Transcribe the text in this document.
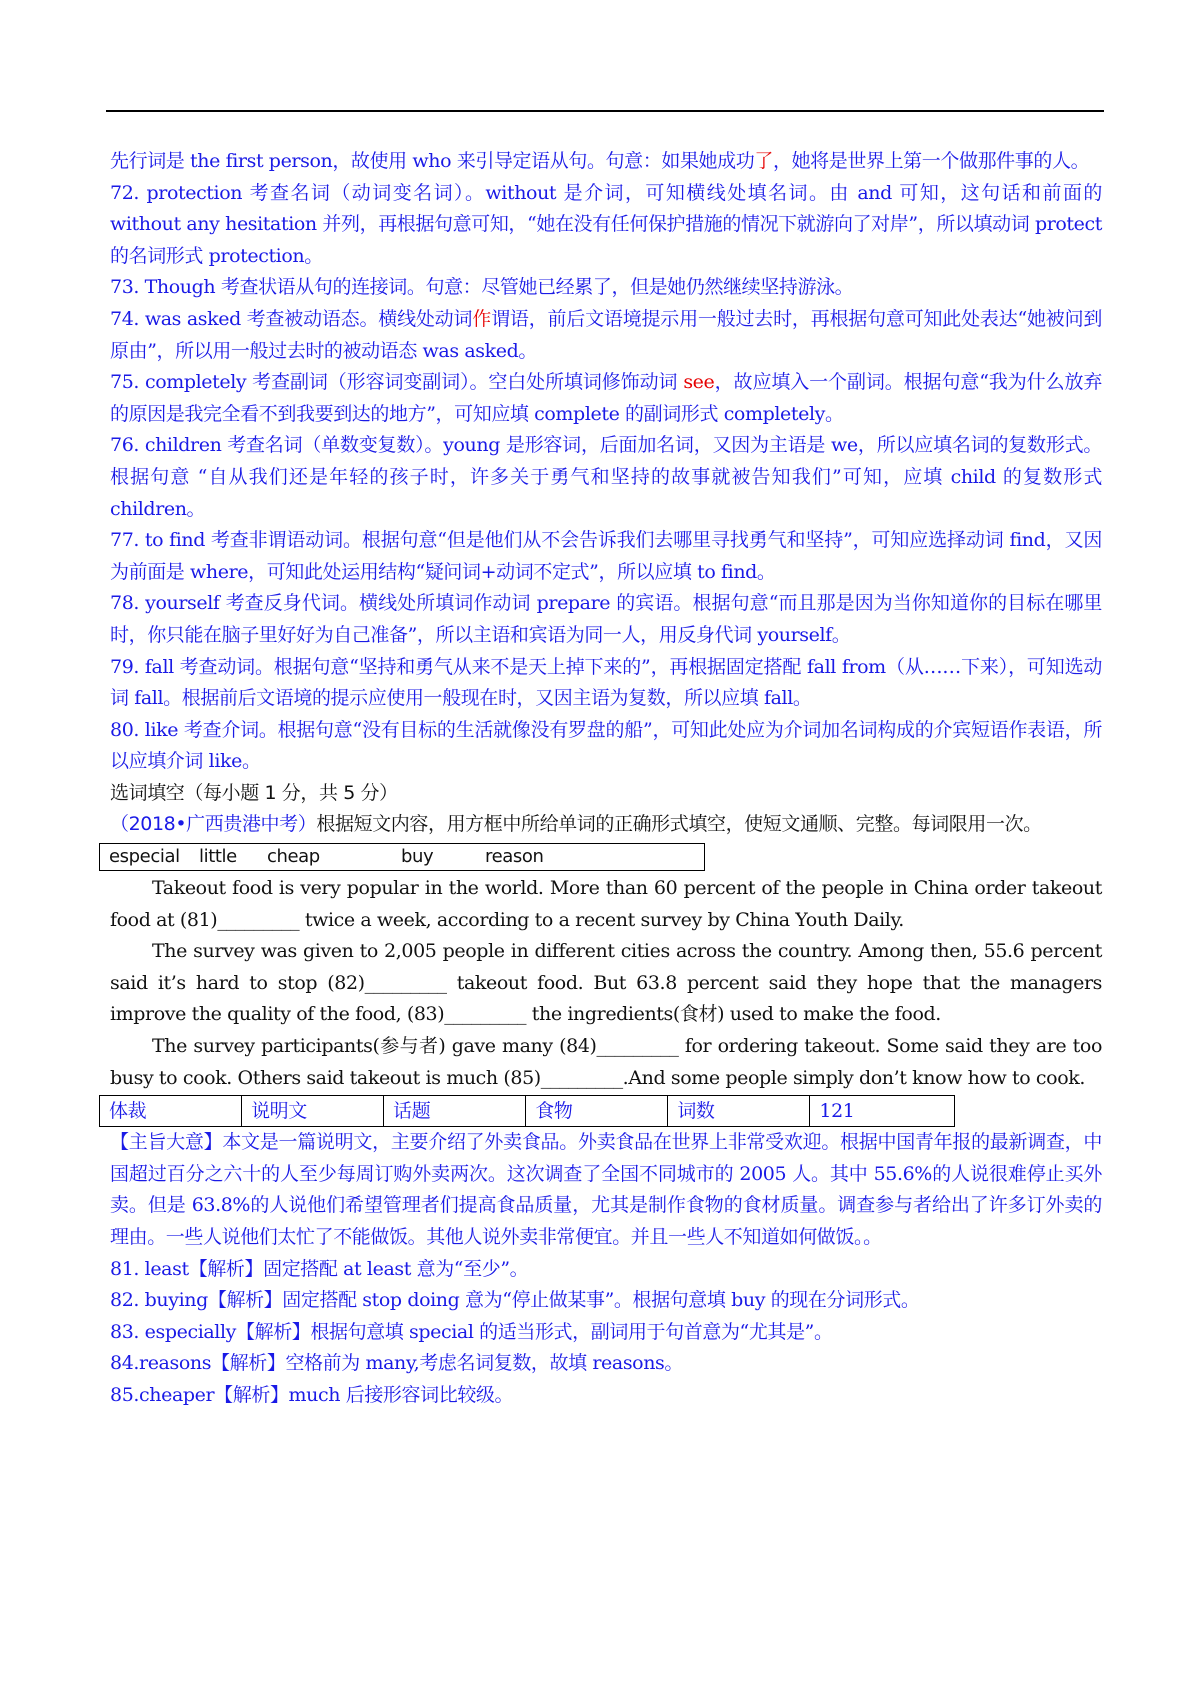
先行词是 the first person，故使用 who 来引导定语从句。句意：如果她成功了，她将是世界上第一个做那件事的人。

72. protection 考查名词（动词变名词）。without 是介词，可知横线处填名词。由 and 可知，这句话和前面的 without any hesitation 并列，再根据句意可知，“她在没有任何保护措施的情况下就游向了对岸”，所以填动词 protect 的名词形式 protection。

73. Though 考查状语从句的连接词。句意：尽管她已经累了，但是她仍然继续坚持游泳。

74. was asked 考查被动语态。横线处动词作谓语，前后文语境提示用一般过去时，再根据句意可知此处表达“她被问到原由”，所以用一般过去时的被动语态 was asked。

75. completely 考查副词（形容词变副词）。空白处所填词修饰动词 see，故应填入一个副词。根据句意“我为什么放弃的原因是我完全看不到我要到达的地方”，可知应填 complete 的副词形式 completely。

76. children 考查名词（单数变复数）。young 是形容词，后面加名词，又因为主语是 we，所以应填名词的复数形式。根据句意 “自从我们还是年轻的孩子时，许多关于勇气和坚持的故事就被告知我们”可知，应填 child 的复数形式 children。

77. to find 考查非谓语动词。根据句意“但是他们从不会告诉我们去哪里寻找勇气和坚持”，可知应选择动词 find，又因为前面是 where，可知此处运用结构“疑问词+动词不定式”，所以应填 to find。

78. yourself 考查反身代词。横线处所填词作动词 prepare 的宾语。根据句意“而且那是因为当你知道你的目标在哪里时，你只能在脑子里好好为自己准备”，所以主语和宾语为同一人，用反身代词 yourself。

79. fall 考查动词。根据句意“坚持和勇气从来不是天上掉下来的”，再根据固定搭配 fall from（从……下来），可知选动词 fall。根据前后文语境的提示应使用一般现在时，又因主语为复数，所以应填 fall。

80. like 考查介词。根据句意“没有目标的生活就像没有罗盘的船”，可知此处应为介词加名词构成的介宾短语作表语，所以应填介词 like。

选词填空（每小题 1 分，共 5 分）

（2018•广西贵港中考）根据短文内容，用方框中所给单词的正确形式填空，使短文通顺、完整。每词限用一次。

especial	little	cheap	buy	reason

Takeout food is very popular in the world. More than 60 percent of the people in China order takeout food at (81)_________ twice a week, according to a recent survey by China Youth Daily.

The survey was given to 2,005 people in different cities across the country. Among then, 55.6 percent said it’s hard to stop (82)_________ takeout food. But 63.8 percent said they hope that the managers improve the quality of the food, (83)_________ the ingredients(食材) used to make the food.

The survey participants(参与者) gave many (84)_________ for ordering takeout. Some said they are too busy to cook. Others said takeout is much (85)_________.And some people simply don’t know how to cook.

体裁	说明文	话题	食物	词数	121

【主旨大意】本文是一篇说明文，主要介绍了外卖食品。外卖食品在世界上非常受欢迎。根据中国青年报的最新调查，中国超过百分之六十的人至少每周订购外卖两次。这次调查了全国不同城市的 2005 人。其中 55.6%的人说很难停止买外卖。但是 63.8%的人说他们希望管理者们提高食品质量，尤其是制作食物的食材质量。调查参与者给出了许多订外卖的理由。一些人说他们太忙了不能做饭。其他人说外卖非常便宜。并且一些人不知道如何做饭。。

81. least【解析】固定搭配 at least 意为“至少”。

82. buying【解析】固定搭配 stop doing 意为“停止做某事”。根据句意填 buy 的现在分词形式。

83. especially【解析】根据句意填 special 的适当形式，副词用于句首意为“尤其是”。

84.reasons【解析】空格前为 many,考虑名词复数，故填 reasons。

85.cheaper【解析】much 后接形容词比较级。
